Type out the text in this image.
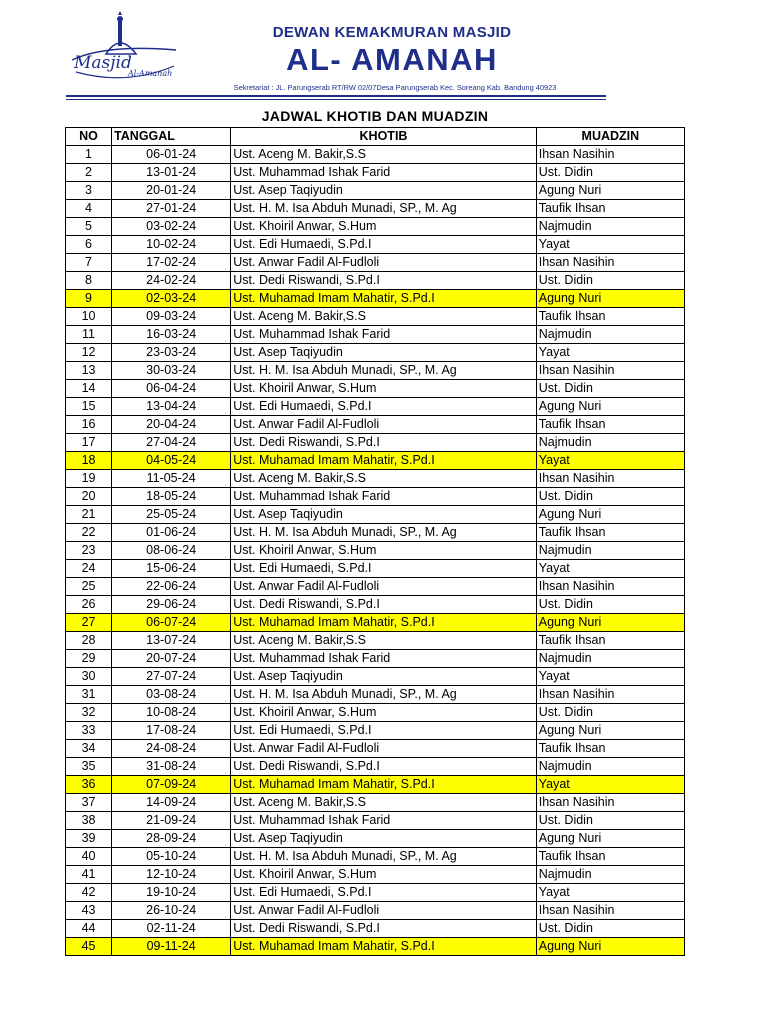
Masjid
Al-Amanah
DEWAN KEMAKMURAN MASJID
AL- AMANAH
Sekretariat : JL. Parungserab RT/RW 02/07Desa Parungserab Kec. Soreang Kab. Bandung 40923
JADWAL KHOTIB DAN MUADZIN
NO	TANGGAL	KHOTIB	MUADZIN
1	06-01-24	Ust. Aceng M. Bakir,S.S	Ihsan Nasihin
2	13-01-24	Ust. Muhammad Ishak Farid	Ust. Didin
3	20-01-24	Ust. Asep Taqiyudin	Agung Nuri
4	27-01-24	Ust. H. M. Isa Abduh Munadi, SP., M. Ag	Taufik Ihsan
5	03-02-24	Ust. Khoiril Anwar, S.Hum	Najmudin
6	10-02-24	Ust. Edi Humaedi, S.Pd.I	Yayat
7	17-02-24	Ust. Anwar Fadil Al-Fudloli	Ihsan Nasihin
8	24-02-24	Ust. Dedi Riswandi, S.Pd.I	Ust. Didin
9	02-03-24	Ust. Muhamad Imam Mahatir, S.Pd.I	Agung Nuri
10	09-03-24	Ust. Aceng M. Bakir,S.S	Taufik Ihsan
11	16-03-24	Ust. Muhammad Ishak Farid	Najmudin
12	23-03-24	Ust. Asep Taqiyudin	Yayat
13	30-03-24	Ust. H. M. Isa Abduh Munadi, SP., M. Ag	Ihsan Nasihin
14	06-04-24	Ust. Khoiril Anwar, S.Hum	Ust. Didin
15	13-04-24	Ust. Edi Humaedi, S.Pd.I	Agung Nuri
16	20-04-24	Ust. Anwar Fadil Al-Fudloli	Taufik Ihsan
17	27-04-24	Ust. Dedi Riswandi, S.Pd.I	Najmudin
18	04-05-24	Ust. Muhamad Imam Mahatir, S.Pd.I	Yayat
19	11-05-24	Ust. Aceng M. Bakir,S.S	Ihsan Nasihin
20	18-05-24	Ust. Muhammad Ishak Farid	Ust. Didin
21	25-05-24	Ust. Asep Taqiyudin	Agung Nuri
22	01-06-24	Ust. H. M. Isa Abduh Munadi, SP., M. Ag	Taufik Ihsan
23	08-06-24	Ust. Khoiril Anwar, S.Hum	Najmudin
24	15-06-24	Ust. Edi Humaedi, S.Pd.I	Yayat
25	22-06-24	Ust. Anwar Fadil Al-Fudloli	Ihsan Nasihin
26	29-06-24	Ust. Dedi Riswandi, S.Pd.I	Ust. Didin
27	06-07-24	Ust. Muhamad Imam Mahatir, S.Pd.I	Agung Nuri
28	13-07-24	Ust. Aceng M. Bakir,S.S	Taufik Ihsan
29	20-07-24	Ust. Muhammad Ishak Farid	Najmudin
30	27-07-24	Ust. Asep Taqiyudin	Yayat
31	03-08-24	Ust. H. M. Isa Abduh Munadi, SP., M. Ag	Ihsan Nasihin
32	10-08-24	Ust. Khoiril Anwar, S.Hum	Ust. Didin
33	17-08-24	Ust. Edi Humaedi, S.Pd.I	Agung Nuri
34	24-08-24	Ust. Anwar Fadil Al-Fudloli	Taufik Ihsan
35	31-08-24	Ust. Dedi Riswandi, S.Pd.I	Najmudin
36	07-09-24	Ust. Muhamad Imam Mahatir, S.Pd.I	Yayat
37	14-09-24	Ust. Aceng M. Bakir,S.S	Ihsan Nasihin
38	21-09-24	Ust. Muhammad Ishak Farid	Ust. Didin
39	28-09-24	Ust. Asep Taqiyudin	Agung Nuri
40	05-10-24	Ust. H. M. Isa Abduh Munadi, SP., M. Ag	Taufik Ihsan
41	12-10-24	Ust. Khoiril Anwar, S.Hum	Najmudin
42	19-10-24	Ust. Edi Humaedi, S.Pd.I	Yayat
43	26-10-24	Ust. Anwar Fadil Al-Fudloli	Ihsan Nasihin
44	02-11-24	Ust. Dedi Riswandi, S.Pd.I	Ust. Didin
45	09-11-24	Ust. Muhamad Imam Mahatir, S.Pd.I	Agung Nuri
